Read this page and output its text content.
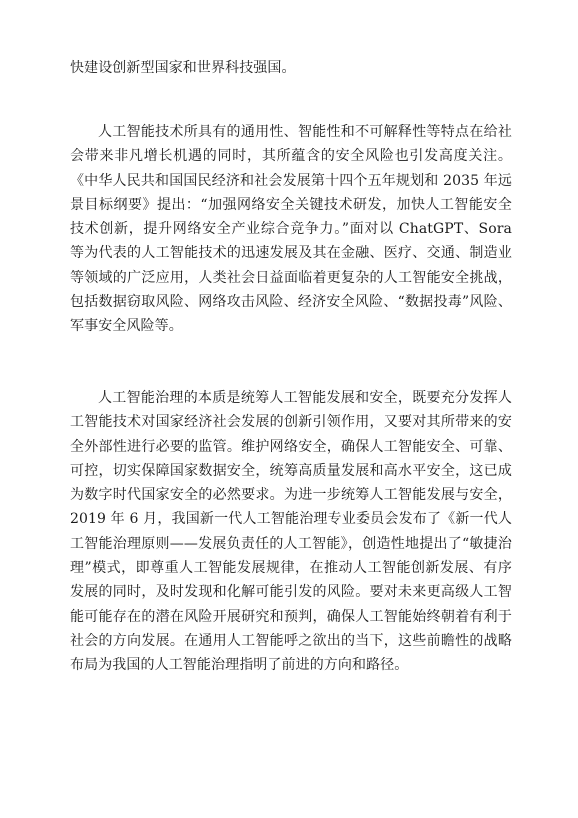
快建设创新型国家和世界科技强国。

人工智能技术所具有的通用性、智能性和不可解释性等特点在给社会带来非凡增长机遇的同时，其所蕴含的安全风险也引发高度关注。《中华人民共和国国民经济和社会发展第十四个五年规划和 2035 年远景目标纲要》提出：“加强网络安全关键技术研发，加快人工智能安全技术创新，提升网络安全产业综合竞争力。”面对以 ChatGPT、Sora 等为代表的人工智能技术的迅速发展及其在金融、医疗、交通、制造业等领域的广泛应用，人类社会日益面临着更复杂的人工智能安全挑战，包括数据窃取风险、网络攻击风险、经济安全风险、“数据投毒”风险、军事安全风险等。

人工智能治理的本质是统筹人工智能发展和安全，既要充分发挥人工智能技术对国家经济社会发展的创新引领作用，又要对其所带来的安全外部性进行必要的监管。维护网络安全，确保人工智能安全、可靠、可控，切实保障国家数据安全，统筹高质量发展和高水平安全，这已成为数字时代国家安全的必然要求。为进一步统筹人工智能发展与安全，2019 年 6 月，我国新一代人工智能治理专业委员会发布了《新一代人工智能治理原则——发展负责任的人工智能》，创造性地提出了“敏捷治理”模式，即尊重人工智能发展规律，在推动人工智能创新发展、有序发展的同时，及时发现和化解可能引发的风险。要对未来更高级人工智能可能存在的潜在风险开展研究和预判，确保人工智能始终朝着有利于社会的方向发展。在通用人工智能呼之欲出的当下，这些前瞻性的战略布局为我国的人工智能治理指明了前进的方向和路径。
